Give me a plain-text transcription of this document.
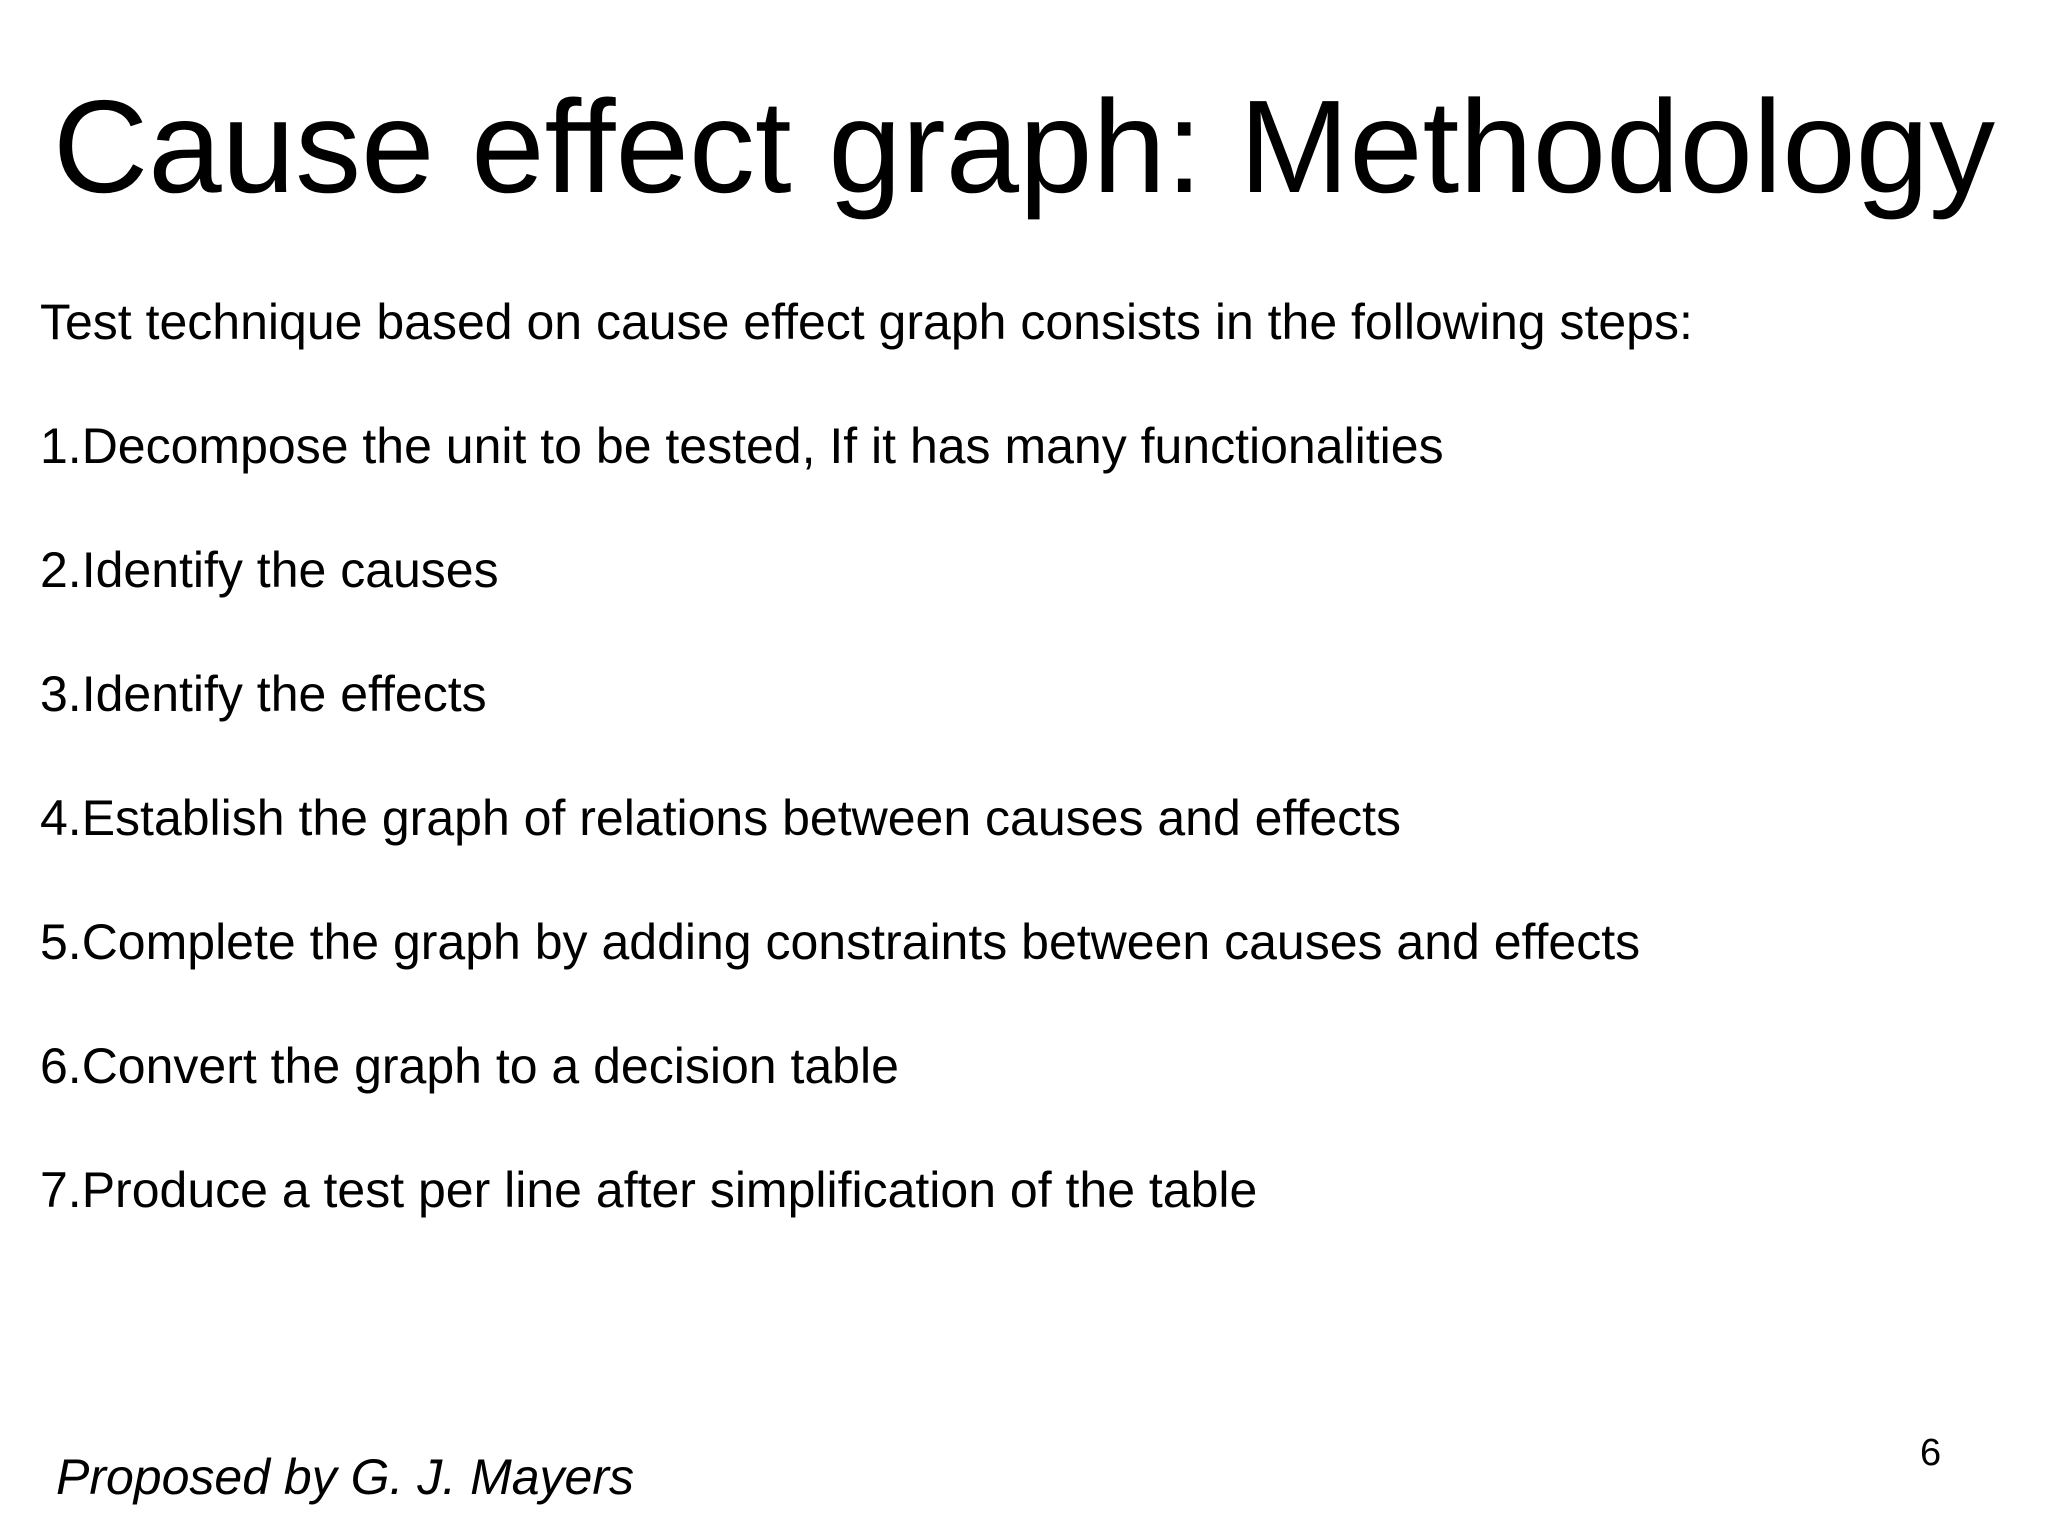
Cause effect graph: Methodology

Test technique based on cause effect graph consists in the following steps:

1.Decompose the unit to be tested, If it has many functionalities
2.Identify the causes
3.Identify the effects
4.Establish the graph of relations between causes and effects
5.Complete the graph by adding constraints between causes and effects
6.Convert the graph to a decision table
7.Produce a test per line after simplification of the table
Proposed by G. J. Mayers	6
